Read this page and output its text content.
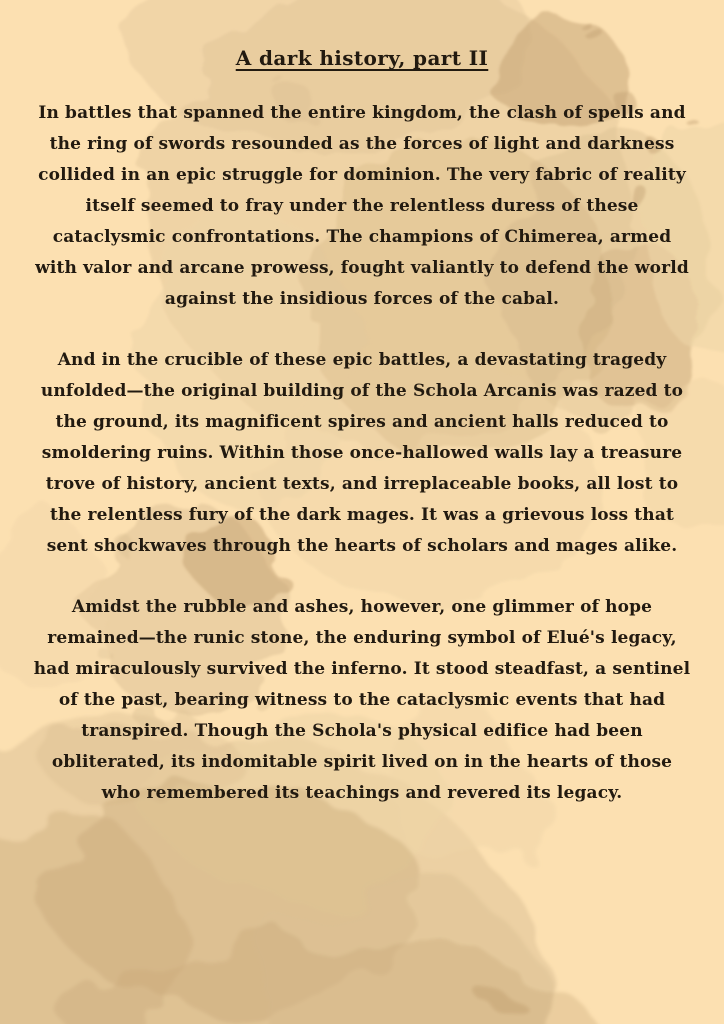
A dark history, part II

In battles that spanned the entire kingdom, the clash of spells and the ring of swords resounded as the forces of light and darkness collided in an epic struggle for dominion. The very fabric of reality itself seemed to fray under the relentless duress of these cataclysmic confrontations. The champions of Chimerea, armed with valor and arcane prowess, fought valiantly to defend the world against the insidious forces of the cabal.

And in the crucible of these epic battles, a devastating tragedy unfolded—the original building of the Schola Arcanis was razed to the ground, its magnificent spires and ancient halls reduced to smoldering ruins. Within those once-hallowed walls lay a treasure trove of history, ancient texts, and irreplaceable books, all lost to the relentless fury of the dark mages. It was a grievous loss that sent shockwaves through the hearts of scholars and mages alike.

Amidst the rubble and ashes, however, one glimmer of hope remained—the runic stone, the enduring symbol of Elué's legacy, had miraculously survived the inferno. It stood steadfast, a sentinel of the past, bearing witness to the cataclysmic events that had transpired. Though the Schola's physical edifice had been obliterated, its indomitable spirit lived on in the hearts of those who remembered its teachings and revered its legacy.
